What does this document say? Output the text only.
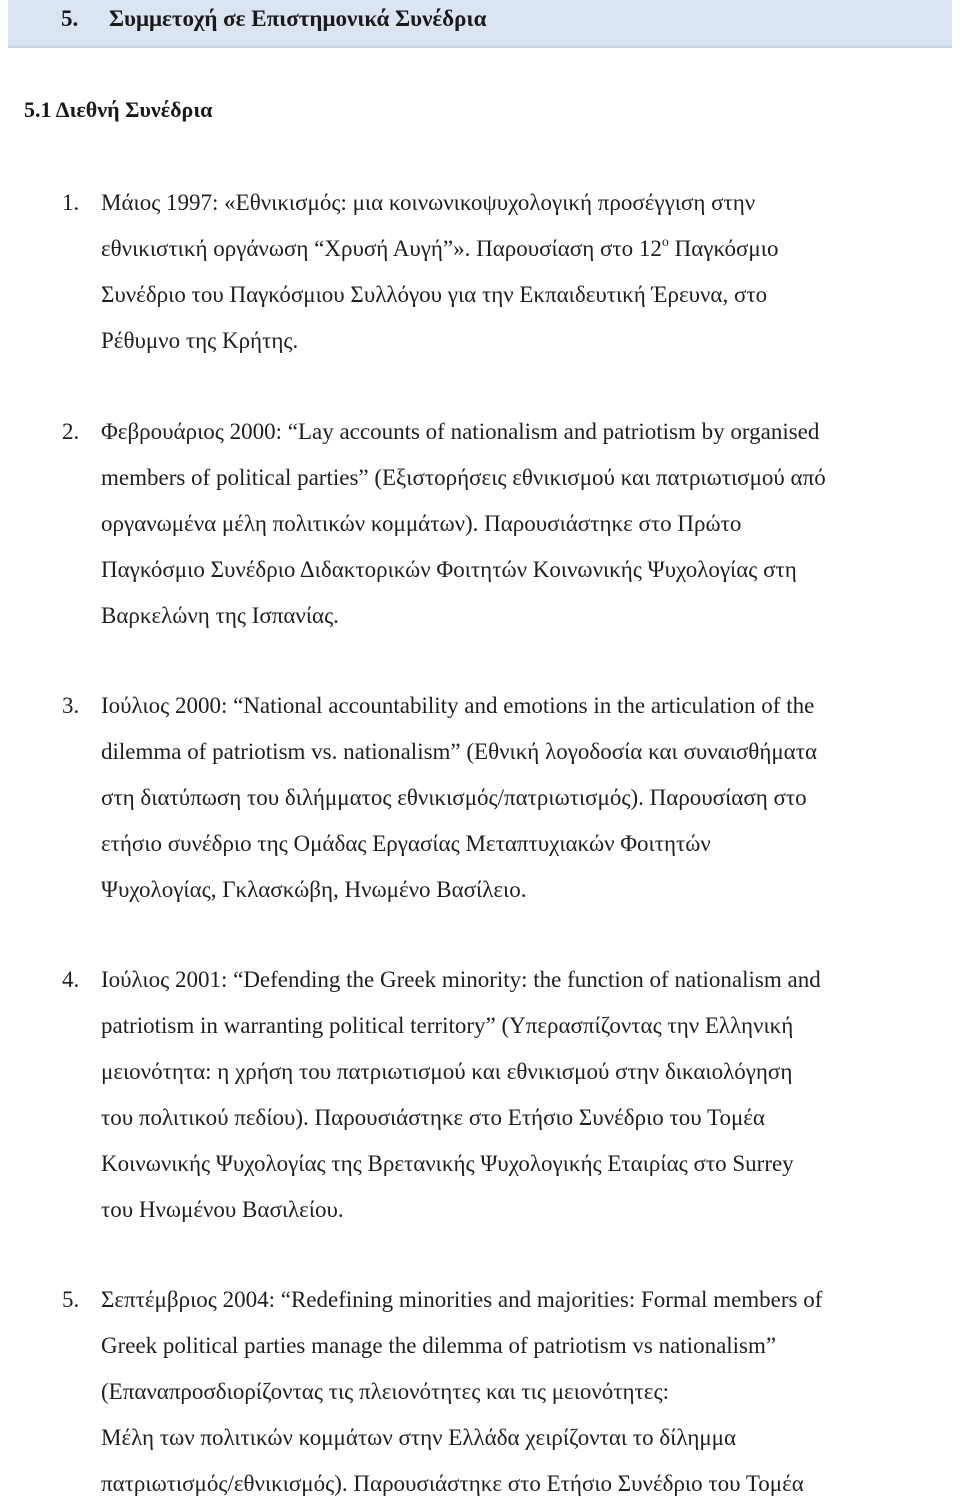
5. Συμμετοχή σε Επιστημονικά Συνέδρια
5.1 Διεθνή Συνέδρια
1. Μάιος 1997: «Εθνικισμός: μια κοινωνικοψυχολογική προσέγγιση στην
εθνικιστική οργάνωση “Χρυσή Αυγή”». Παρουσίαση στο $12^o$ Παγκόσμιο
Συνέδριο του Παγκόσμιου Συλλόγου για την Εκπαιδευτική Έρευνα, στο
Ρέθυμνο της Κρήτης.
2. Φεβρουάριος 2000: “Lay accounts of nationalism and patriotism by organised
members of political parties” (Εξιστορήσεις εθνικισμού και πατριωτισμού από
οργανωμένα μέλη πολιτικών κομμάτων). Παρουσιάστηκε στο Πρώτο
Παγκόσμιο Συνέδριο Διδακτορικών Φοιτητών Κοινωνικής Ψυχολογίας στη
Βαρκελώνη της Ισπανίας.
3. Ιούλιος 2000: “National accountability and emotions in the articulation of the
dilemma of patriotism vs. nationalism” (Εθνική λογοδοσία και συναισθήματα
στη διατύπωση του διλήμματος εθνικισμός/πατριωτισμός). Παρουσίαση στο
ετήσιο συνέδριο της Ομάδας Εργασίας Μεταπτυχιακών Φοιτητών
Ψυχολογίας, Γκλασκώβη, Ηνωμένο Βασίλειο.
4. Ιούλιος 2001: “Defending the Greek minority: the function of nationalism and
patriotism in warranting political territory” (Υπερασπίζοντας την Ελληνική
μειονότητα: η χρήση του πατριωτισμού και εθνικισμού στην δικαιολόγηση
του πολιτικού πεδίου). Παρουσιάστηκε στο Ετήσιο Συνέδριο του Τομέα
Κοινωνικής Ψυχολογίας της Βρετανικής Ψυχολογικής Εταιρίας στο Surrey
του Ηνωμένου Βασιλείου.
5. Σεπτέμβριος 2004: “Redefining minorities and majorities: Formal members of
Greek political parties manage the dilemma of patriotism vs nationalism”
(Επαναπροσδιορίζοντας τις πλειονότητες και τις μειονότητες:
Μέλη των πολιτικών κομμάτων στην Ελλάδα χειρίζονται το δίλημμα
πατριωτισμός/εθνικισμός). Παρουσιάστηκε στο Ετήσιο Συνέδριο του Τομέα
